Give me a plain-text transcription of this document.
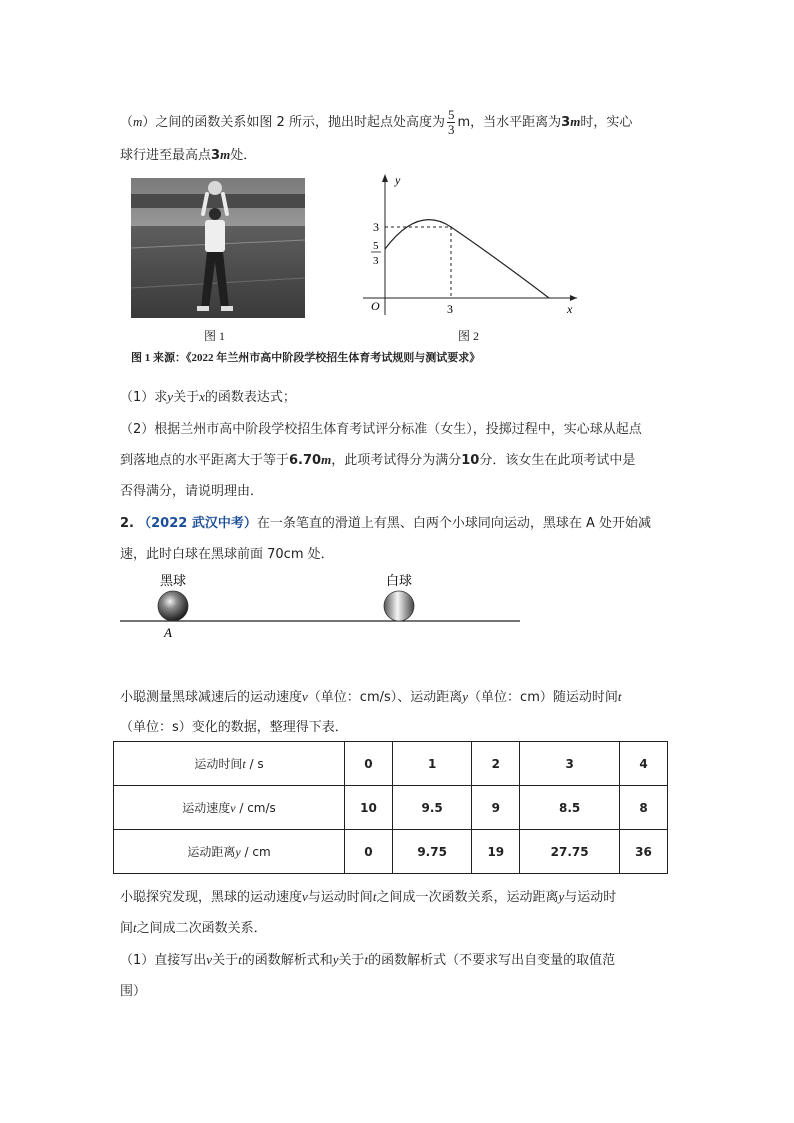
（m）之间的函数关系如图 2 所示，抛出时起点处高度为 $\frac{5}{3}$ m，当水平距离为3m时，实心
球行进至最高点3m处．
图 1
y
x
O
3
5
3
3
图 2
图 1 来源：《2022 年兰州市高中阶段学校招生体育考试规则与测试要求》
（1）求y关于x的函数表达式；
（2）根据兰州市高中阶段学校招生体育考试评分标准（女生），投掷过程中，实心球从起点
到落地点的水平距离大于等于6.70m，此项考试得分为满分10分．该女生在此项考试中是
否得满分，请说明理由．
2. （2022 武汉中考）在一条笔直的滑道上有黑、白两个小球同向运动，黑球在 A 处开始减
速，此时白球在黑球前面 70cm 处．
黑球	白球
A
小聪测量黑球减速后的运动速度v（单位：cm/s）、运动距离y（单位：cm）随运动时间t
（单位：s）变化的数据，整理得下表．
运动时间t / s	0	1	2	3	4
运动速度v / cm/s	10	9.5	9	8.5	8
运动距离y / cm	0	9.75	19	27.75	36
小聪探究发现，黑球的运动速度v与运动时间t之间成一次函数关系，运动距离y与运动时
间t之间成二次函数关系．
（1）直接写出v关于t的函数解析式和y关于t的函数解析式（不要求写出自变量的取值范
围）
